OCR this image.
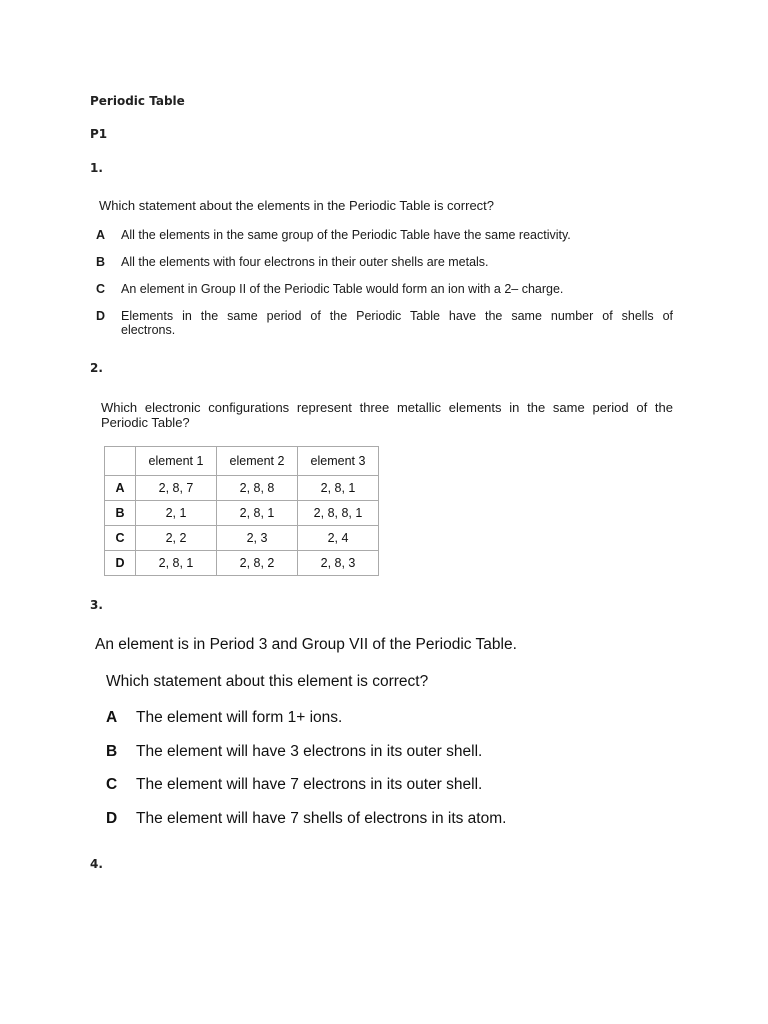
Periodic Table
P1
1.
Which statement about the elements in the Periodic Table is correct?
A	All the elements in the same group of the Periodic Table have the same reactivity.
B	All the elements with four electrons in their outer shells are metals.
C	An element in Group II of the Periodic Table would form an ion with a 2– charge.
D	Elements in the same period of the Periodic Table have the same number of shells of
electrons.
2.
Which electronic configurations represent three metallic elements in the same period of the
Periodic Table?
	element 1	element 2	element 3
A	2, 8, 7	2, 8, 8	2, 8, 1
B	2, 1	2, 8, 1	2, 8, 8, 1
C	2, 2	2, 3	2, 4
D	2, 8, 1	2, 8, 2	2, 8, 3
3.
An element is in Period 3 and Group VII of the Periodic Table.
Which statement about this element is correct?
A	The element will form 1+ ions.
B	The element will have 3 electrons in its outer shell.
C	The element will have 7 electrons in its outer shell.
D	The element will have 7 shells of electrons in its atom.
4.
